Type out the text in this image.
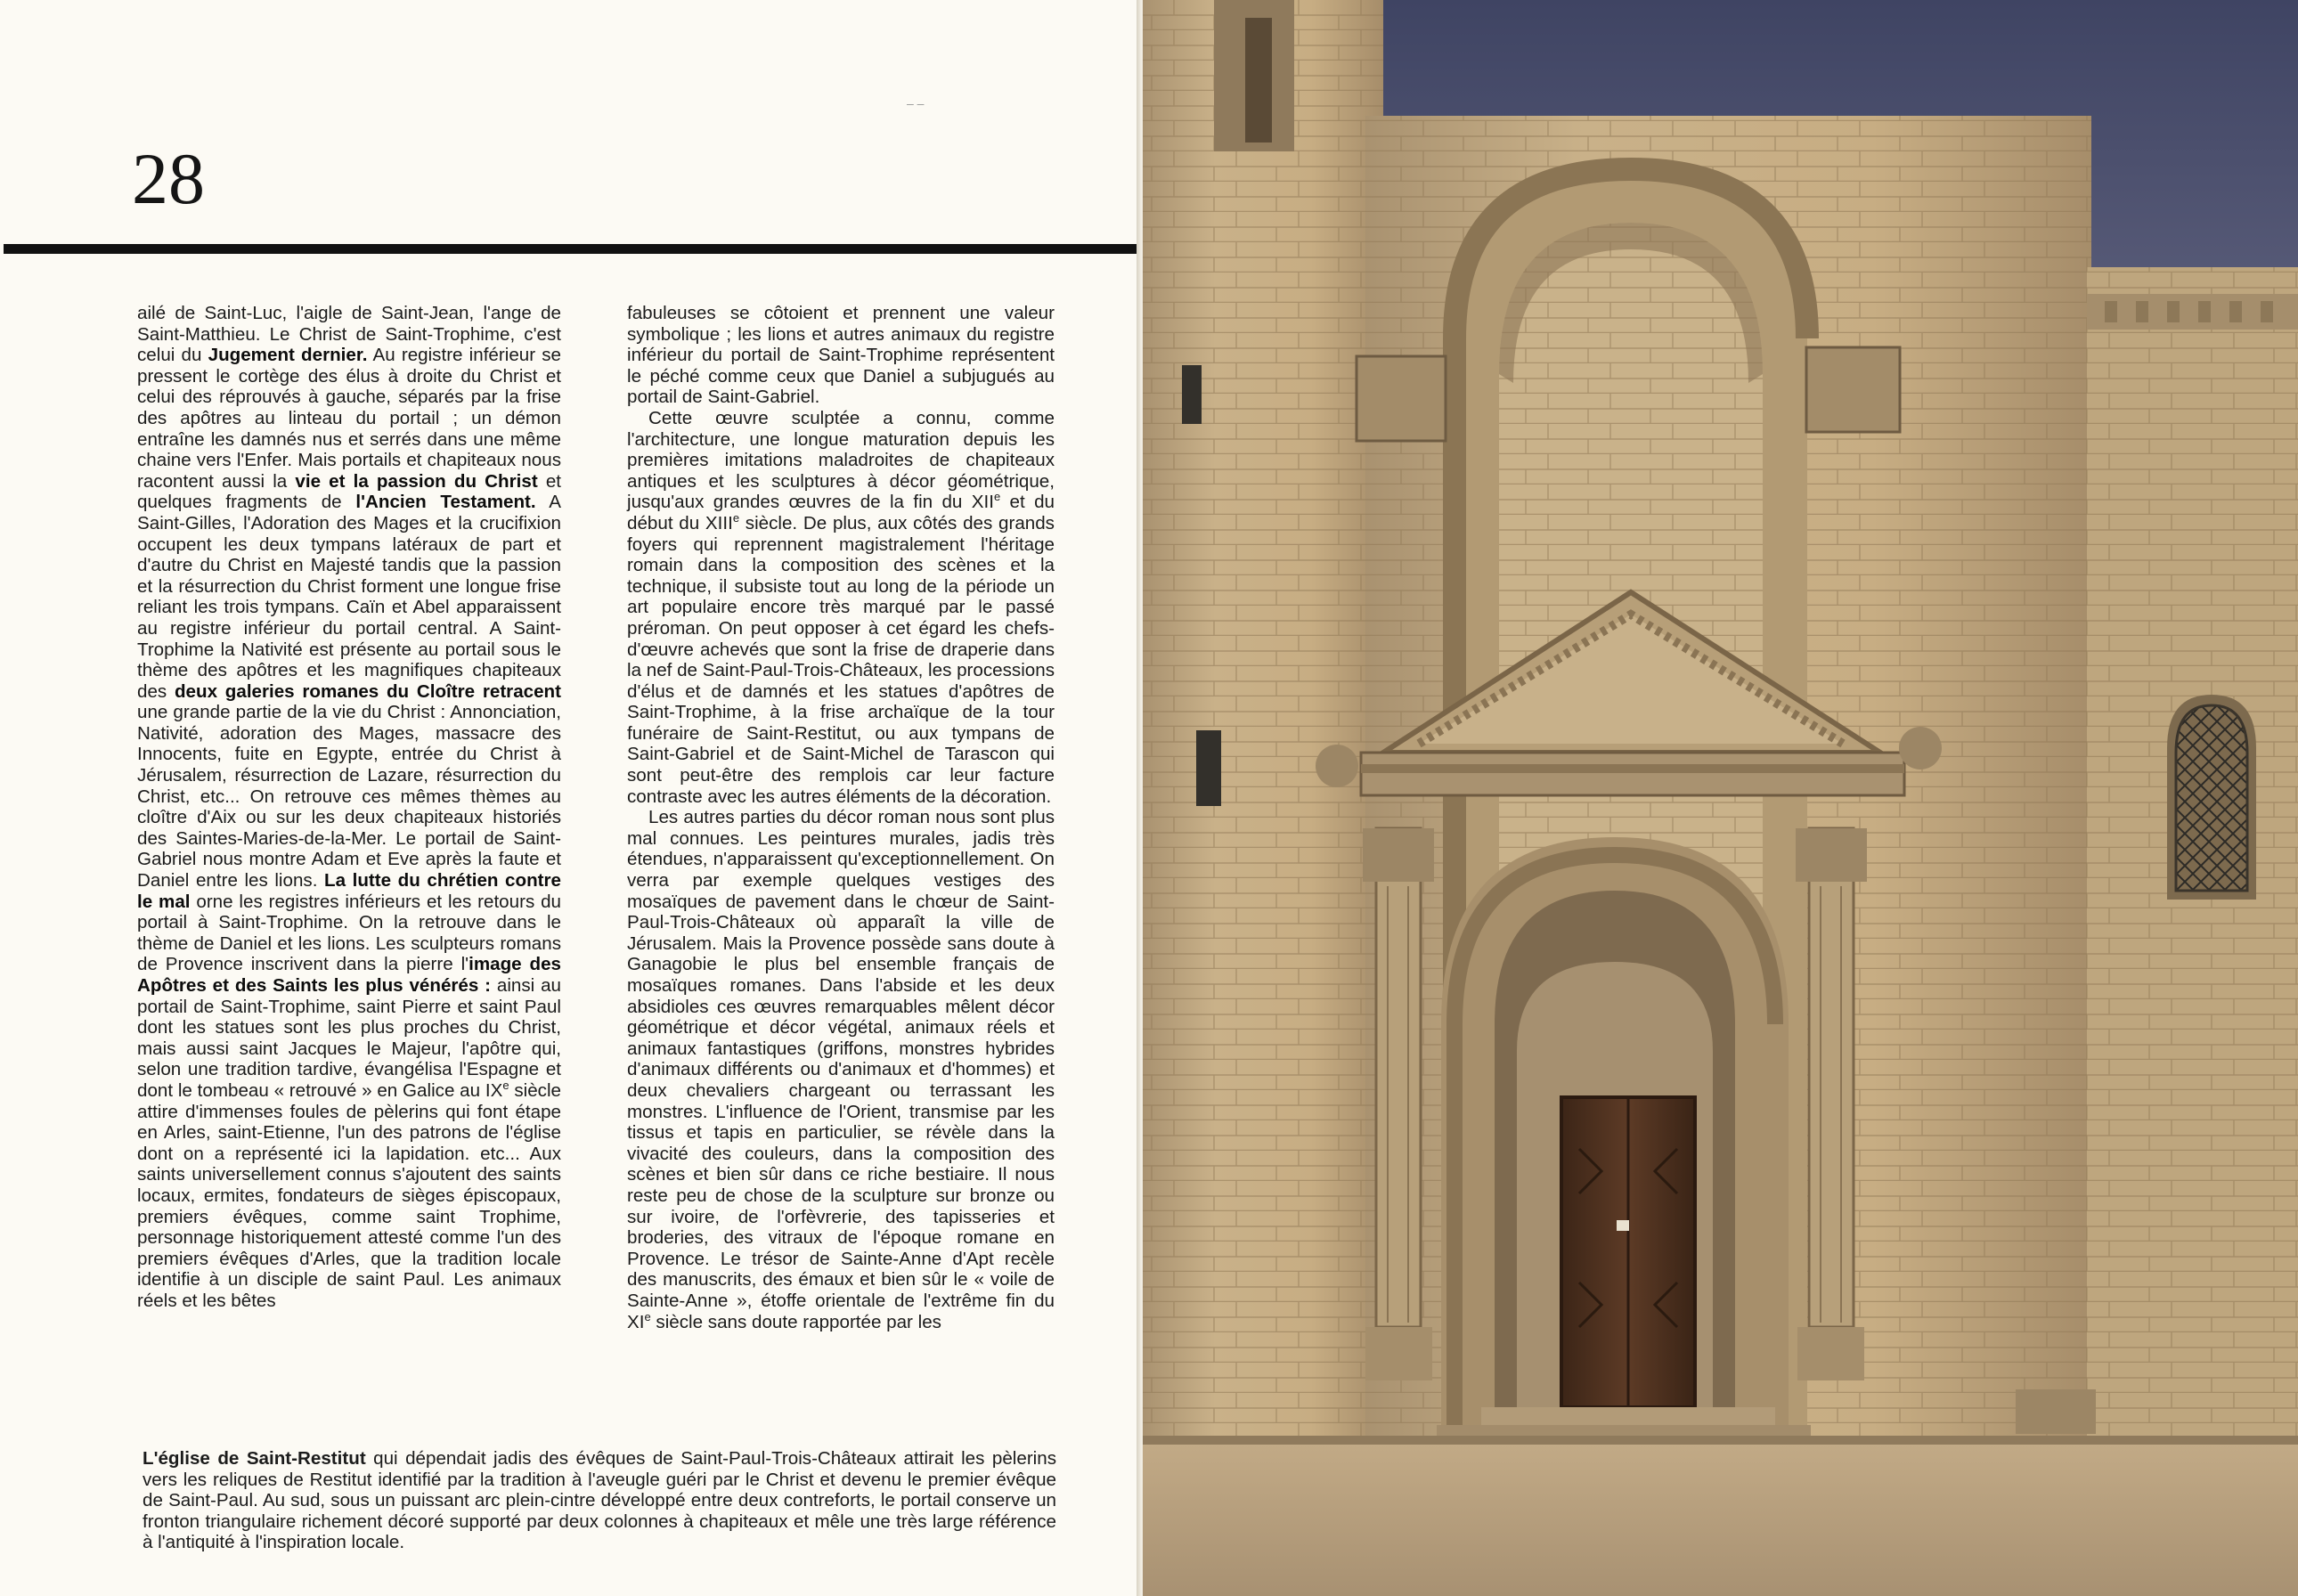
28
– –

ailé de Saint-Luc, l'aigle de Saint-Jean, l'ange de Saint-Matthieu. Le Christ de Saint-Trophime, c'est celui du Jugement dernier. Au registre inférieur se pressent le cortège des élus à droite du Christ et celui des réprouvés à gauche, séparés par la frise des apôtres au linteau du portail ; un démon entraîne les damnés nus et serrés dans une même chaine vers l'Enfer. Mais portails et chapiteaux nous racontent aussi la vie et la passion du Christ et quelques fragments de l'Ancien Testament. A Saint-Gilles, l'Adoration des Mages et la crucifixion occupent les deux tympans latéraux de part et d'autre du Christ en Majesté tandis que la passion et la résurrection du Christ forment une longue frise reliant les trois tympans. Caïn et Abel apparaissent au registre inférieur du portail central. A Saint-Trophime la Nativité est présente au portail sous le thème des apôtres et les magnifiques chapiteaux des deux galeries romanes du Cloître retracent une grande partie de la vie du Christ : Annonciation, Nativité, adoration des Mages, massacre des Innocents, fuite en Egypte, entrée du Christ à Jérusalem, résurrection de Lazare, résurrection du Christ, etc... On retrouve ces mêmes thèmes au cloître d'Aix ou sur les deux chapiteaux historiés des Saintes-Maries-de-la-Mer. Le portail de Saint-Gabriel nous montre Adam et Eve après la faute et Daniel entre les lions. La lutte du chrétien contre le mal orne les registres inférieurs et les retours du portail à Saint-Trophime. On la retrouve dans le thème de Daniel et les lions. Les sculpteurs romans de Provence inscrivent dans la pierre l'image des Apôtres et des Saints les plus vénérés : ainsi au portail de Saint-Trophime, saint Pierre et saint Paul dont les statues sont les plus proches du Christ, mais aussi saint Jacques le Majeur, l'apôtre qui, selon une tradition tardive, évangélisa l'Espagne et dont le tombeau « retrouvé » en Galice au IXe siècle attire d'immenses foules de pèlerins qui font étape en Arles, saint-Etienne, l'un des patrons de l'église dont on a représenté ici la lapidation. etc... Aux saints universellement connus s'ajoutent des saints locaux, ermites, fondateurs de sièges épiscopaux, premiers évêques, comme saint Trophime, personnage historiquement attesté comme l'un des premiers évêques d'Arles, que la tradition locale identifie à un disciple de saint Paul. Les animaux réels et les bêtes

fabuleuses se côtoient et prennent une valeur symbolique ; les lions et autres animaux du registre inférieur du portail de Saint-Trophime représentent le péché comme ceux que Daniel a subjugués au portail de Saint-Gabriel.

Cette œuvre sculptée a connu, comme l'architecture, une longue maturation depuis les premières imitations maladroites de chapiteaux antiques et les sculptures à décor géométrique, jusqu'aux grandes œuvres de la fin du XIIe et du début du XIIIe siècle. De plus, aux côtés des grands foyers qui reprennent magistralement l'héritage romain dans la composition des scènes et la technique, il subsiste tout au long de la période un art populaire encore très marqué par le passé préroman. On peut opposer à cet égard les chefs-d'œuvre achevés que sont la frise de draperie dans la nef de Saint-Paul-Trois-Châteaux, les processions d'élus et de damnés et les statues d'apôtres de Saint-Trophime, à la frise archaïque de la tour funéraire de Saint-Restitut, ou aux tympans de Saint-Gabriel et de Saint-Michel de Tarascon qui sont peut-être des remplois car leur facture contraste avec les autres éléments de la décoration.

Les autres parties du décor roman nous sont plus mal connues. Les peintures murales, jadis très étendues, n'apparaissent qu'exceptionnellement. On verra par exemple quelques vestiges des mosaïques de pavement dans le chœur de Saint-Paul-Trois-Châteaux où apparaît la ville de Jérusalem. Mais la Provence possède sans doute à Ganagobie le plus bel ensemble français de mosaïques romanes. Dans l'abside et les deux absidioles ces œuvres remarquables mêlent décor géométrique et décor végétal, animaux réels et animaux fantastiques (griffons, monstres hybrides d'animaux différents ou d'animaux et d'hommes) et deux chevaliers chargeant ou terrassant les monstres. L'influence de l'Orient, transmise par les tissus et tapis en particulier, se révèle dans la vivacité des couleurs, dans la composition des scènes et bien sûr dans ce riche bestiaire. Il nous reste peu de chose de la sculpture sur bronze ou sur ivoire, de l'orfèvrerie, des tapisseries et broderies, des vitraux de l'époque romane en Provence. Le trésor de Sainte-Anne d'Apt recèle des manuscrits, des émaux et bien sûr le « voile de Sainte-Anne », étoffe orientale de l'extrême fin du XIe siècle sans doute rapportée par les

L'église de Saint-Restitut qui dépendait jadis des évêques de Saint-Paul-Trois-Châteaux attirait les pèlerins vers les reliques de Restitut identifié par la tradition à l'aveugle guéri par le Christ et devenu le premier évêque de Saint-Paul. Au sud, sous un puissant arc plein-cintre développé entre deux contreforts, le portail conserve un fronton triangulaire richement décoré supporté par deux colonnes à chapiteaux et mêle une très large référence à l'antiquité à l'inspiration locale.
